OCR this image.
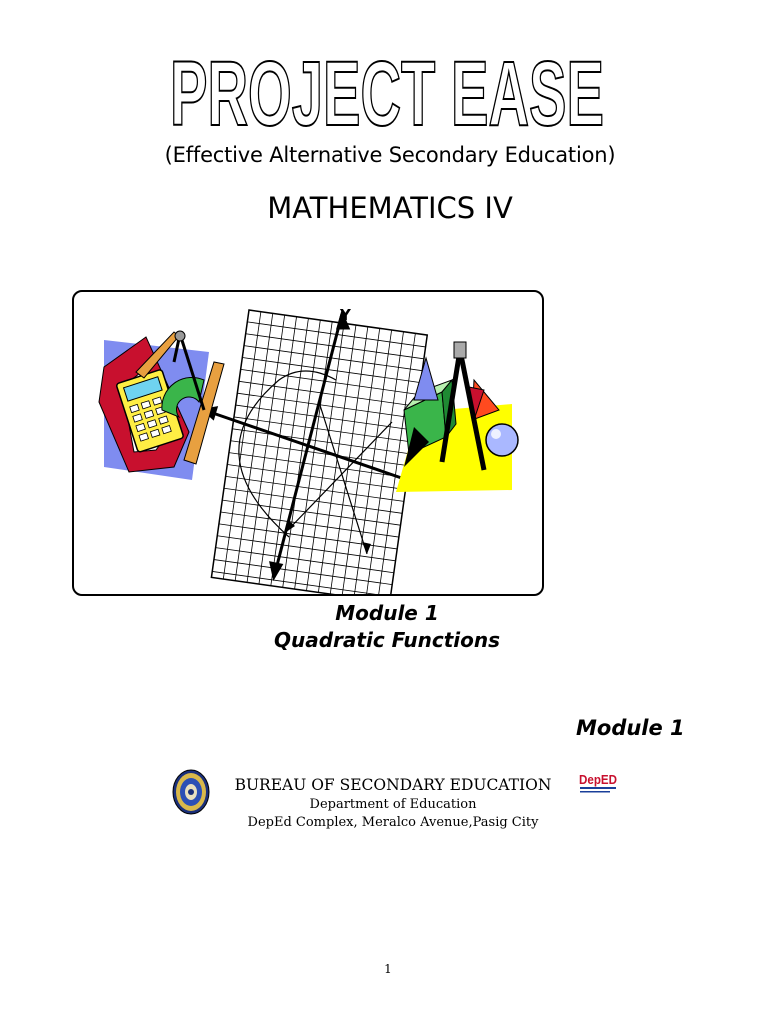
PROJECT EASE
(Effective Alternative Secondary Education)
MATHEMATICS IV
Y
Module 1
Quadratic Functions
Module 1
BUREAU OF SECONDARY EDUCATION
Department of Education
DepEd Complex, Meralco Avenue,Pasig City
DepED
1
